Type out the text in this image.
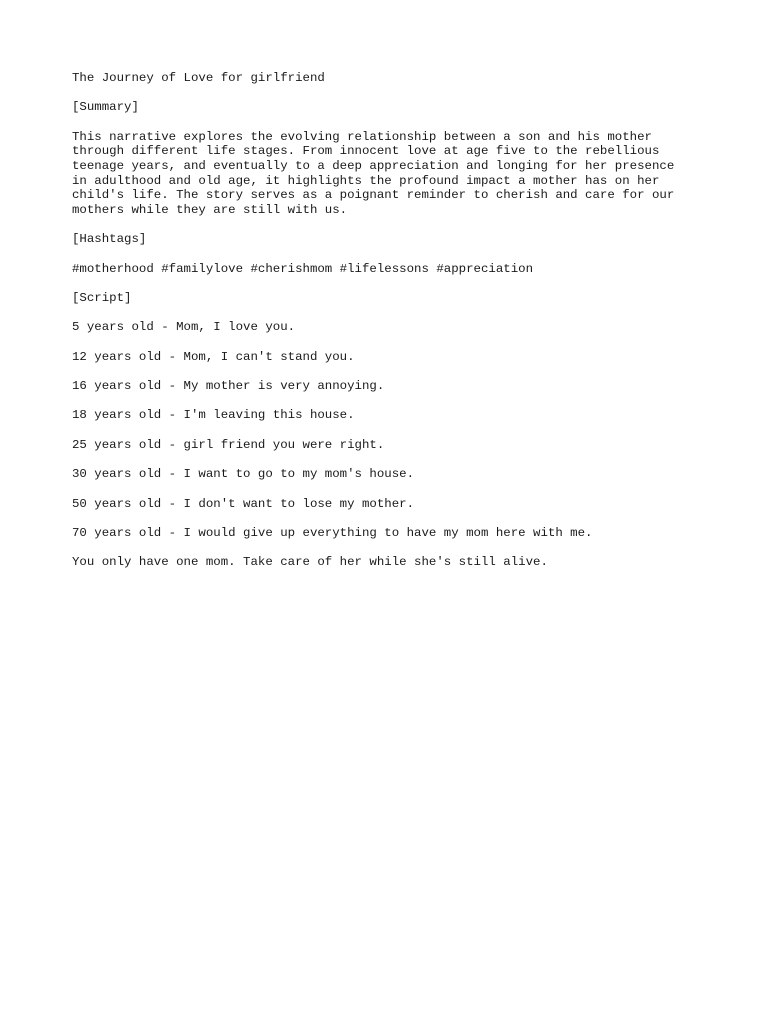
The Journey of Love for girlfriend

[Summary]

This narrative explores the evolving relationship between a son and his mother
through different life stages. From innocent love at age five to the rebellious
teenage years, and eventually to a deep appreciation and longing for her presence
in adulthood and old age, it highlights the profound impact a mother has on her
child's life. The story serves as a poignant reminder to cherish and care for our
mothers while they are still with us.

[Hashtags]

#motherhood #familylove #cherishmom #lifelessons #appreciation

[Script]

5 years old - Mom, I love you.

12 years old - Mom, I can't stand you.

16 years old - My mother is very annoying.

18 years old - I'm leaving this house.

25 years old - girl friend you were right.

30 years old - I want to go to my mom's house.

50 years old - I don't want to lose my mother.

70 years old - I would give up everything to have my mom here with me.

You only have one mom. Take care of her while she's still alive.
